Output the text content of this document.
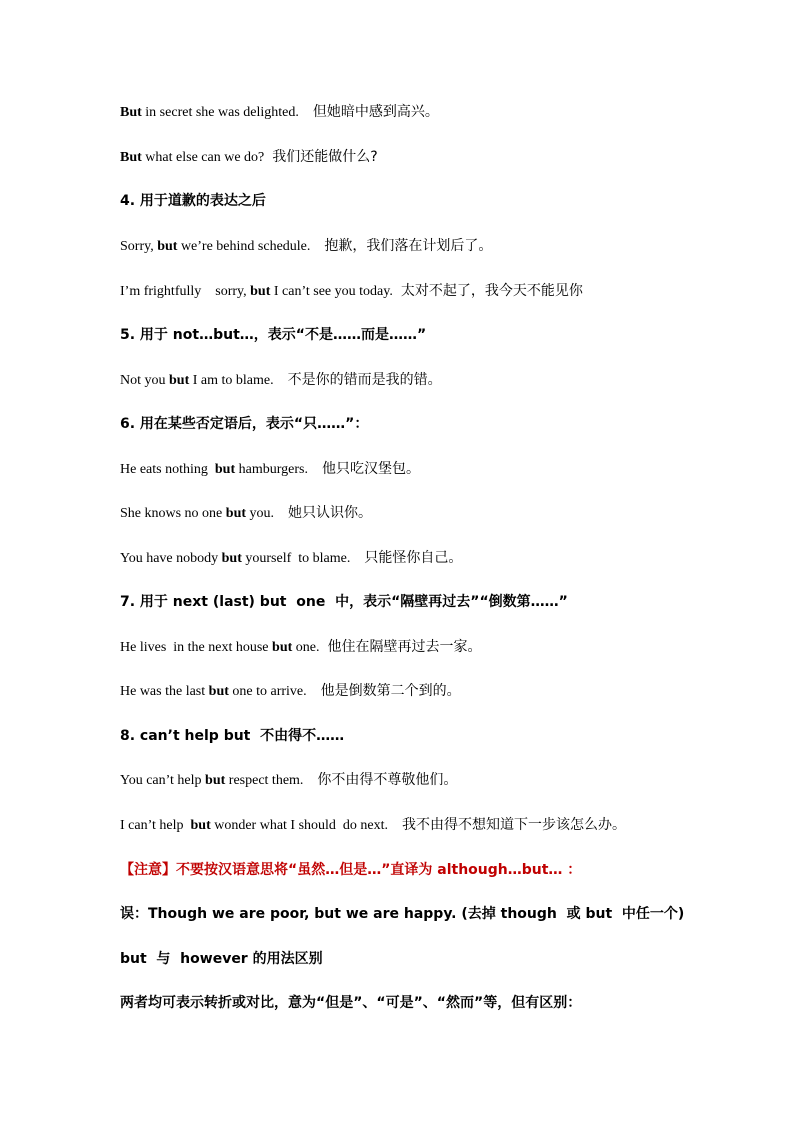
But in secret she was delighted. 但她暗中感到高兴。
But what else can we do? 我们还能做什么?
4. 用于道歉的表达之后
Sorry, but we’re behind schedule. 抱歉，我们落在计划后了。
I’m frightfully    sorry, but I can’t see you today. 太对不起了，我今天不能见你
5. 用于 not…but…，表示“不是……而是……”
Not you but I am to blame. 不是你的错而是我的错。
6. 用在某些否定语后，表示“只……”：
He eats nothing  but hamburgers. 他只吃汉堡包。
She knows no one but you. 她只认识你。
You have nobody but yourself  to blame. 只能怪你自己。
7. 用于 next (last) but  one  中，表示“隔壁再过去”“倒数第……”
He lives  in the next house but one. 他住在隔壁再过去一家。
He was the last but one to arrive. 他是倒数第二个到的。
8. can’t help but  不由得不……
You can’t help but respect them. 你不由得不尊敬他们。
I can’t help  but wonder what I should  do next. 我不由得不想知道下一步该怎么办。
【注意】不要按汉语意思将“虽然…但是…”直译为 although…but… ：
误：Though we are poor, but we are happy. (去掉 though  或 but  中任一个)
but  与  however 的用法区别
两者均可表示转折或对比，意为“但是”、“可是”、“然而”等，但有区别：
